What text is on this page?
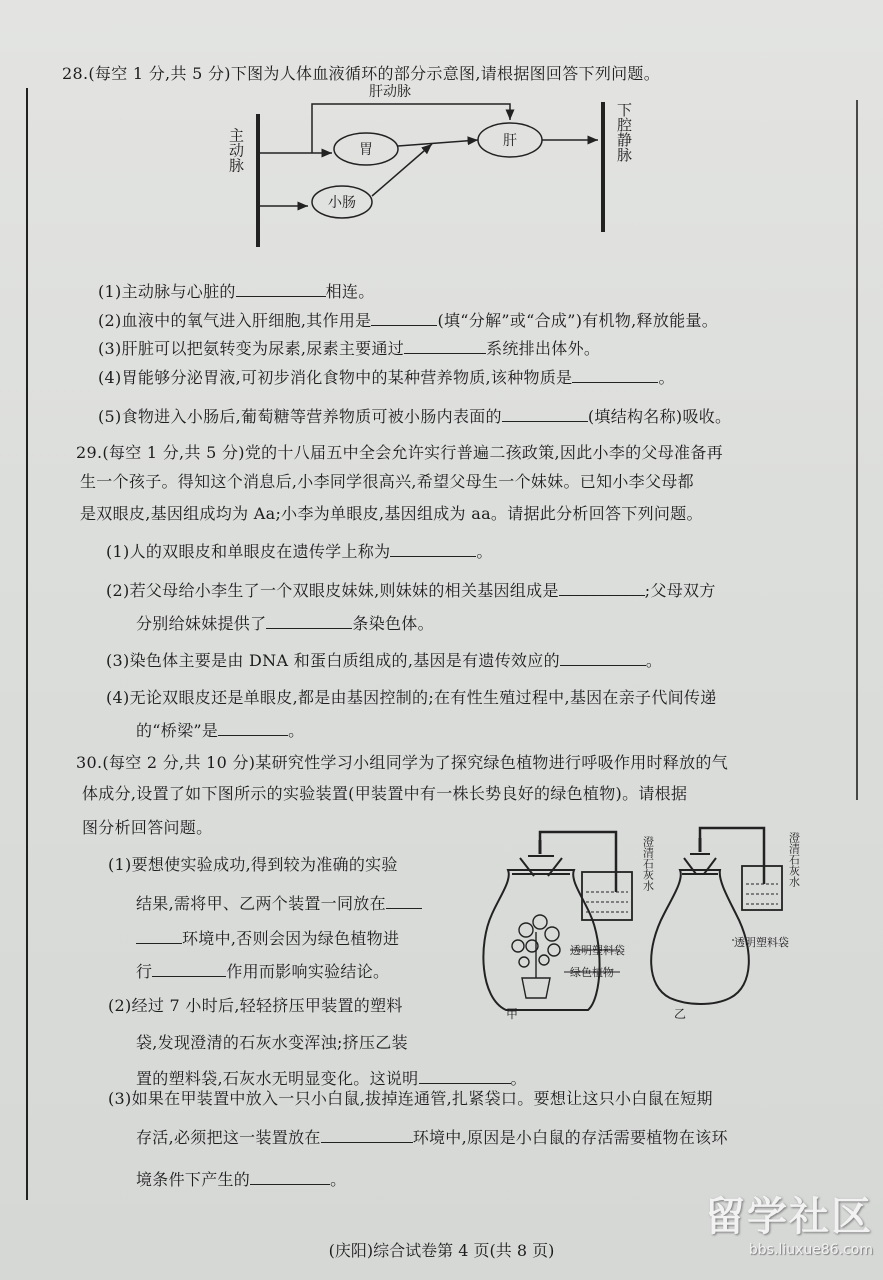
28.(每空 1 分,共 5 分)下图为人体血液循环的部分示意图,请根据图回答下列问题。
肝动脉
胃
肝
小肠
主动脉	下腔静脉
(1)主动脉与心脏的	相连。
(2)血液中的氧气进入肝细胞,其作用是	(填“分解”或“合成”)有机物,释放能量。
(3)肝脏可以把氨转变为尿素,尿素主要通过	系统排出体外。
(4)胃能够分泌胃液,可初步消化食物中的某种营养物质,该种物质是	。
(5)食物进入小肠后,葡萄糖等营养物质可被小肠内表面的	(填结构名称)吸收。
29.(每空 1 分,共 5 分)党的十八届五中全会允许实行普遍二孩政策,因此小李的父母准备再
生一个孩子。得知这个消息后,小李同学很高兴,希望父母生一个妹妹。已知小李父母都
是双眼皮,基因组成均为 Aa;小李为单眼皮,基因组成为 aa。请据此分析回答下列问题。
(1)人的双眼皮和单眼皮在遗传学上称为	。
(2)若父母给小李生了一个双眼皮妹妹,则妹妹的相关基因组成是	;父母双方
分别给妹妹提供了	条染色体。
(3)染色体主要是由 DNA 和蛋白质组成的,基因是有遗传效应的	。
(4)无论双眼皮还是单眼皮,都是由基因控制的;在有性生殖过程中,基因在亲子代间传递
的“桥梁”是	。
30.(每空 2 分,共 10 分)某研究性学习小组同学为了探究绿色植物进行呼吸作用时释放的气
体成分,设置了如下图所示的实验装置(甲装置中有一株长势良好的绿色植物)。请根据
图分析回答问题。
(1)要想使实验成功,得到较为准确的实验
结果,需将甲、乙两个装置一同放在
环境中,否则会因为绿色植物进
行	作用而影响实验结论。
(2)经过 7 小时后,轻轻挤压甲装置的塑料
袋,发现澄清的石灰水变浑浊;挤压乙装
置的塑料袋,石灰水无明显变化。这说明	。
(3)如果在甲装置中放入一只小白鼠,拔掉连通管,扎紧袋口。要想让这只小白鼠在短期
存活,必须把这一装置放在	环境中,原因是小白鼠的存活需要植物在该环
境条件下产生的	。
澄清石灰水
透明塑料袋
绿色植物
甲
澄清石灰水
透明塑料袋
乙
(庆阳)综合试卷第 4 页(共 8 页)
留学社区
bbs.liuxue86.com
